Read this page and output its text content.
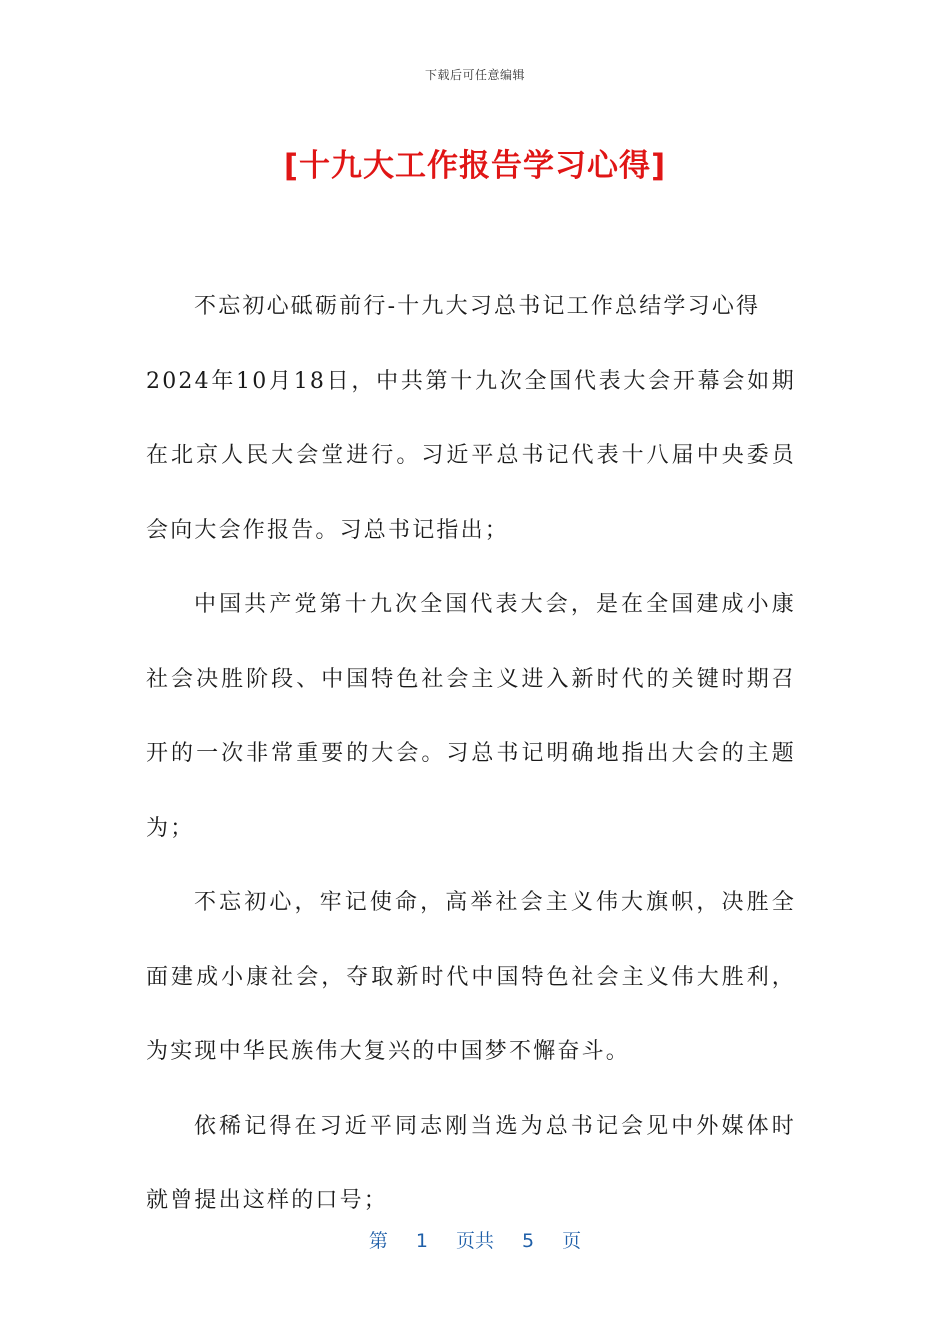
下载后可任意编辑
[十九大工作报告学习心得]

不忘初心砥砺前行-十九大习总书记工作总结学习心得

2024年10月18日，中共第十九次全国代表大会开幕会如期在北京人民大会堂进行。习近平总书记代表十八届中央委员会向大会作报告。习总书记指出；

中国共产党第十九次全国代表大会，是在全国建成小康社会决胜阶段、中国特色社会主义进入新时代的关键时期召开的一次非常重要的大会。习总书记明确地指出大会的主题为；

不忘初心，牢记使命，高举社会主义伟大旗帜，决胜全面建成小康社会，夺取新时代中国特色社会主义伟大胜利，为实现中华民族伟大复兴的中国梦不懈奋斗。

依稀记得在习近平同志刚当选为总书记会见中外媒体时就曾提出这样的口号；

第 1 页共 5 页
